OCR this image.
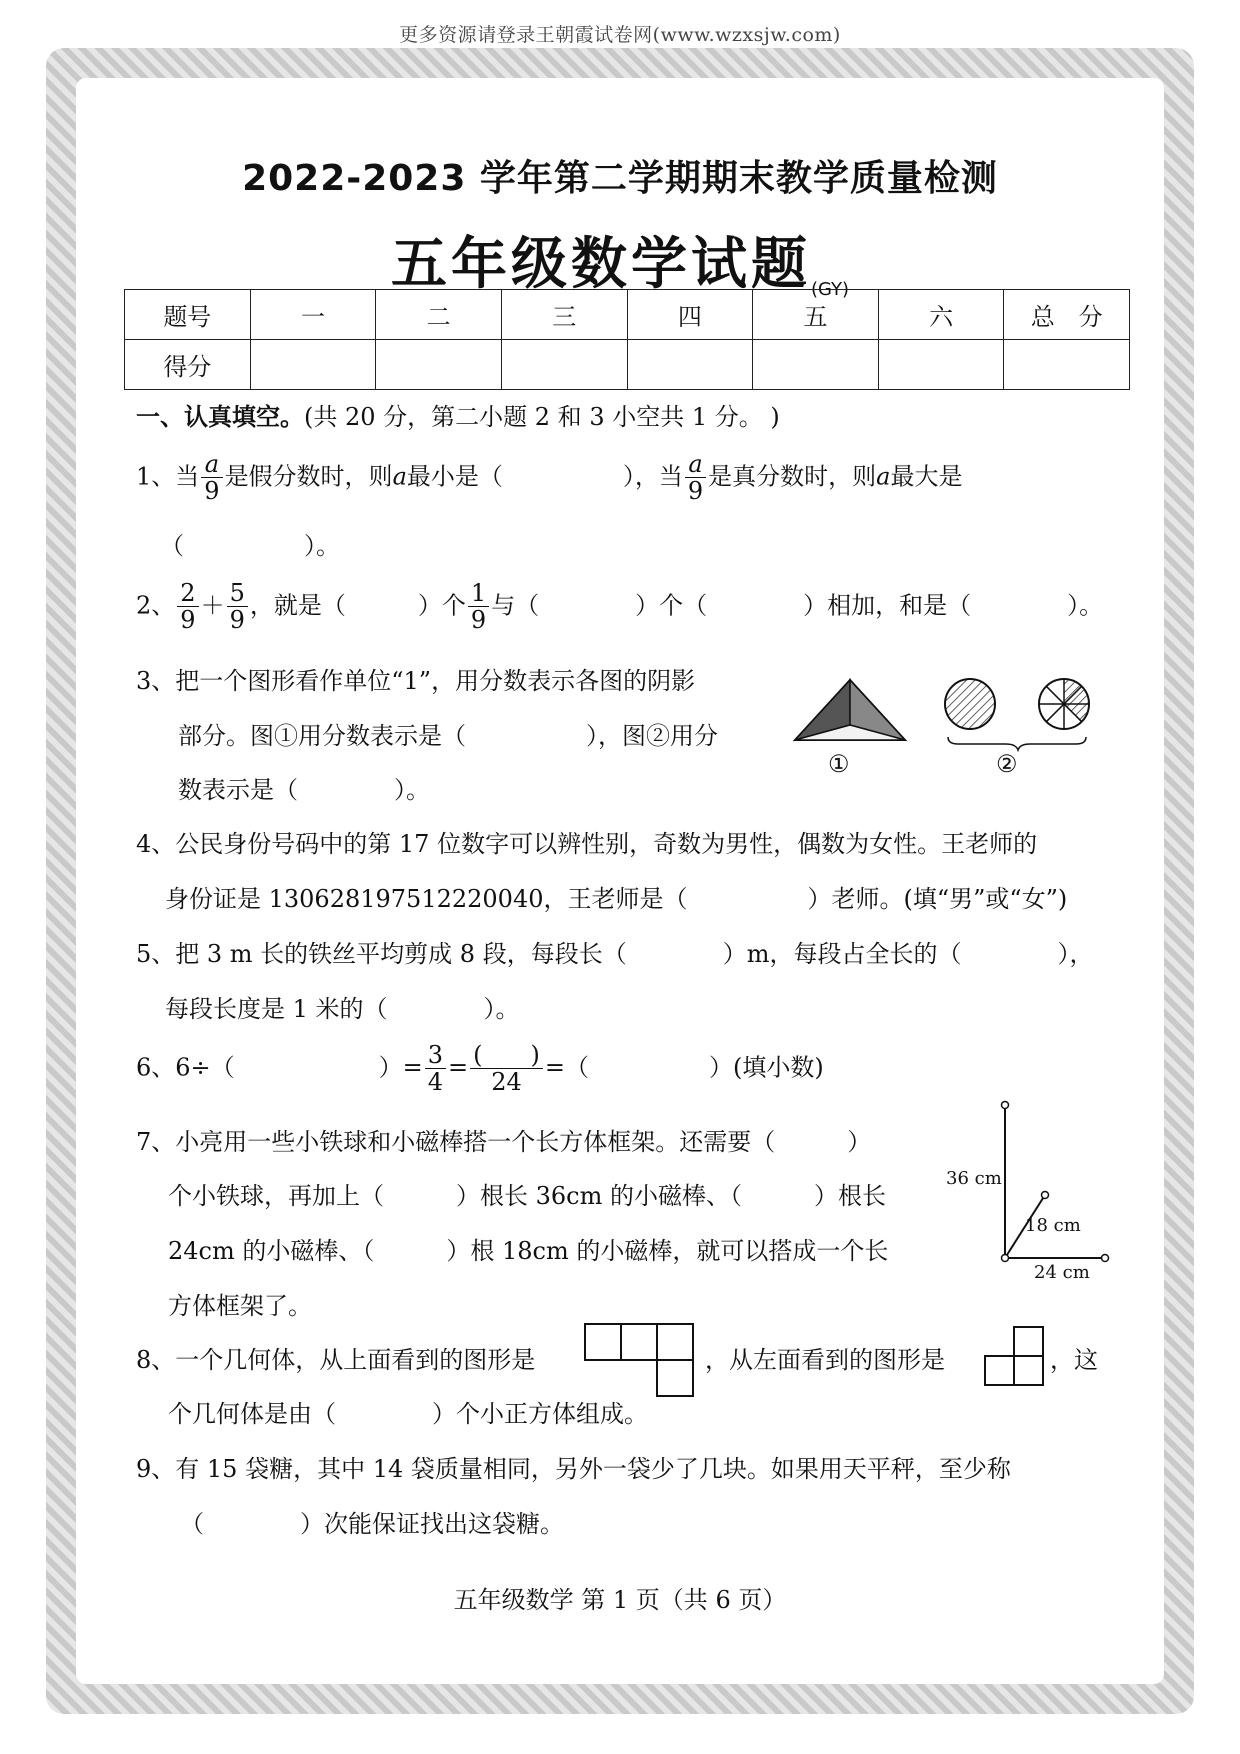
更多资源请登录王朝霞试卷网(www.wzxsjw.com)
2022-2023 学年第二学期期末教学质量检测
五年级数学试题(GY)
题号	一	二	三	四	五	六	总　分
得分							
一、认真填空。(共 20 分，第二小题 2 和 3 小空共 1 分。 )
1、当 $\frac{a}{9}$ 是假分数时，则a最小是（　　　　　），当 $\frac{a}{9}$ 是真分数时，则a最大是
（　　　　　）。
2、 $\frac{2}{9} + \frac{5}{9}$ ，就是（　　　）个 $\frac{1}{9}$ 与（　　　　）个（　　　　）相加，和是（　　　　）。
3、把一个图形看作单位“1”，用分数表示各图的阴影
部分。图①用分数表示是（　　　　　），图②用分
数表示是（　　　　）。
①	②
4、公民身份号码中的第 17 位数字可以辨性别，奇数为男性，偶数为女性。王老师的
身份证是 130628197512220040，王老师是（　　　　　）老师。(填“男”或“女”)
5、把 3 m 长的铁丝平均剪成 8 段，每段长（　　　　）m，每段占全长的（　　　　），
每段长度是 1 米的（　　　　）。
6、6÷（　　　　　　）= $\frac{3}{4} = \frac{( )}{24}$ =（　　　　　）(填小数)
7、小亮用一些小铁球和小磁棒搭一个长方体框架。还需要（　　　）
个小铁球，再加上（　　　）根长 36cm 的小磁棒、（　　　）根长
24cm 的小磁棒、（　　　）根 18cm 的小磁棒，就可以搭成一个长
方体框架了。
36 cm
18 cm
24 cm
8、一个几何体，从上面看到的图形是	，从左面看到的图形是	，这
个几何体是由（　　　　）个小正方体组成。
9、有 15 袋糖，其中 14 袋质量相同，另外一袋少了几块。如果用天平秤，至少称
（　　　　）次能保证找出这袋糖。
五年级数学 第 1 页（共 6 页）
